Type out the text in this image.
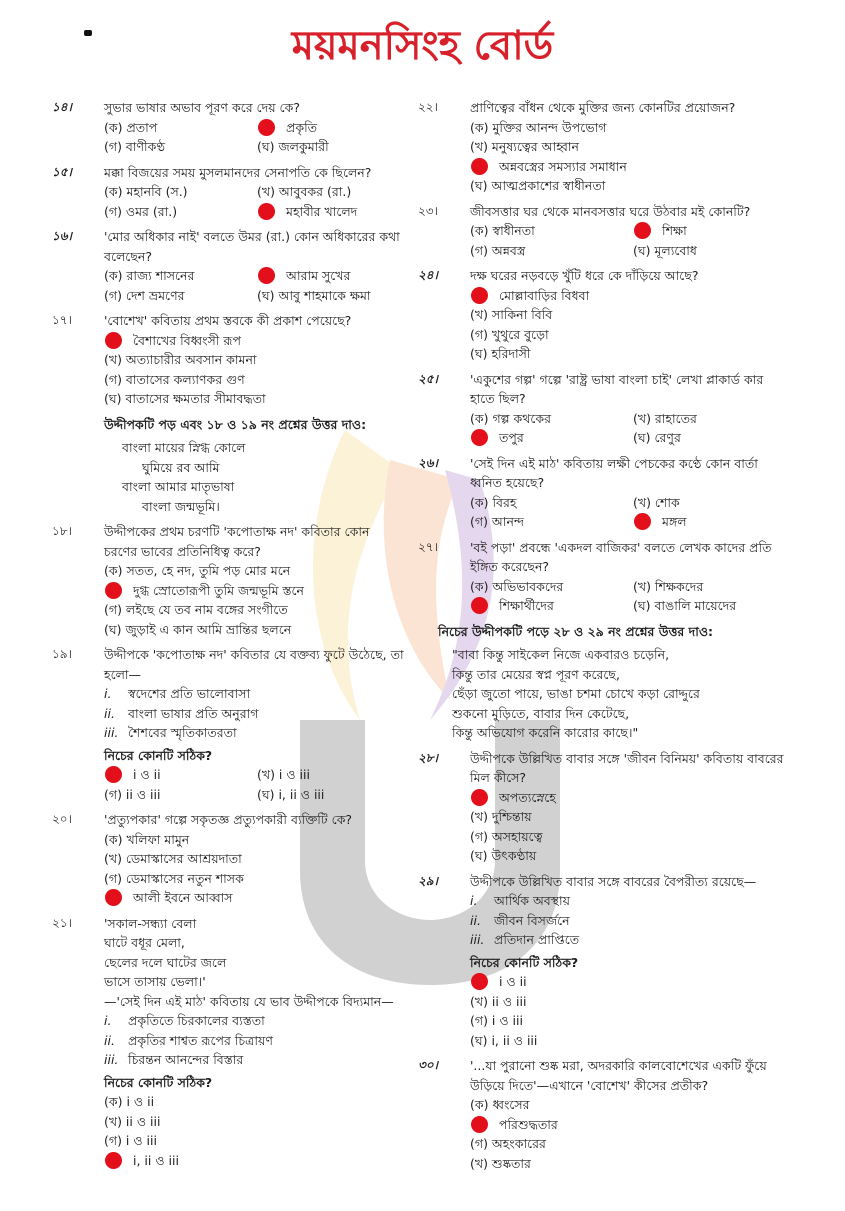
ময়মনসিংহ বোর্ড
১৪।	সুভার ভাষার অভাব পূরণ করে দেয় কে?
(ক) প্রতাপ	প্রকৃতি
(গ) বাণীকণ্ঠ	(ঘ) জলকুমারী
১৫।	মক্কা বিজয়ের সময় মুসলমানদের সেনাপতি কে ছিলেন?
(ক) মহানবি (স.)	(খ) আবুবকর (রা.)
(গ) ওমর (রা.)	মহাবীর খালেদ
১৬।	'মোর অধিকার নাই' বলতে উমর (রা.) কোন অধিকারের কথা বলেছেন?
(ক) রাজ্য শাসনের	আরাম সুখের
(গ) দেশ ভ্রমণের	(ঘ) আবু শাহমাকে ক্ষমা
১৭।	'বোশেখ' কবিতায় প্রথম স্তবকে কী প্রকাশ পেয়েছে?
বৈশাখের বিধ্বংসী রূপ
(খ) অত্যাচারীর অবসান কামনা
(গ) বাতাসের কল্যাণকর গুণ
(ঘ) বাতাসের ক্ষমতার সীমাবদ্ধতা
উদ্দীপকটি পড় এবং ১৮ ও ১৯ নং প্রশ্নের উত্তর দাও:
বাংলা মায়ের স্নিগ্ধ কোলে
ঘুমিয়ে রব আমি
বাংলা আমার মাতৃভাষা
বাংলা জন্মভূমি।
১৮।	উদ্দীপকের প্রথম চরণটি 'কপোতাক্ষ নদ' কবিতার কোন চরণের ভাবের প্রতিনিধিত্ব করে?
(ক) সতত, হে নদ, তুমি পড় মোর মনে
দুগ্ধ স্রোতোরূপী তুমি জন্মভূমি স্তনে
(গ) লইছে যে তব নাম বঙ্গের সংগীতে
(ঘ) জুড়াই এ কান আমি ভ্রান্তির ছলনে
১৯।	উদ্দীপকে 'কপোতাক্ষ নদ' কবিতার যে বক্তব্য ফুটে উঠেছে, তা হলো—
i.	স্বদেশের প্রতি ভালোবাসা
ii.	বাংলা ভাষার প্রতি অনুরাগ
iii. শৈশবের স্মৃতিকাতরতা
নিচের কোনটি সঠিক?
i ও ii	(খ) i ও iii
(গ) ii ও iii	(ঘ) i, ii ও iii
২০।	'প্রত্যুপকার' গল্পে সকৃতজ্ঞ প্রত্যুপকারী ব্যক্তিটি কে?
(ক) খলিফা মামুন
(খ) ডেমাস্কাসের আশ্রয়দাতা
(গ) ডেমাস্কাসের নতুন শাসক
আলী ইবনে আব্বাস
২১।	'সকাল-সন্ধ্যা বেলা
ঘাটে বধূর মেলা,
ছেলের দলে ঘাটের জলে
ভাসে তাসায় ভেলা।'
—'সেই দিন এই মাঠ' কবিতায় যে ভাব উদ্দীপকে বিদ্যমান—
i.	প্রকৃতিতে চিরকালের ব্যস্ততা
ii.	প্রকৃতির শাশ্বত রূপের চিত্রায়ণ
iii. চিরন্তন আনন্দের বিস্তার
নিচের কোনটি সঠিক?
(ক) i ও ii
(খ) ii ও iii
(গ) i ও iii
i, ii ও iii
২২।	প্রাণিত্বের বাঁধন থেকে মুক্তির জন্য কোনটির প্রয়োজন?
(ক) মুক্তির আনন্দ উপভোগ
(খ) মনুষ্যত্বের আহ্বান
অন্নবস্ত্রের সমস্যার সমাধান
(ঘ) আত্মপ্রকাশের স্বাধীনতা
২৩।	জীবসত্তার ঘর থেকে মানবসত্তার ঘরে উঠবার মই কোনটি?
(ক) স্বাধীনতা	শিক্ষা
(গ) অন্নবস্ত্র	(ঘ) মূল্যবোধ
২৪।	দক্ষ ঘরের নড়বড়ে খুঁটি ধরে কে দাঁড়িয়ে আছে?
মোল্লাবাড়ির বিধবা
(খ) সাকিনা বিবি
(গ) খুথুরে বুড়ো
(ঘ) হরিদাসী
২৫।	'একুশের গল্প' গল্পে 'রাষ্ট্র ভাষা বাংলা চাই' লেখা প্লাকার্ড কার হাতে ছিল?
(ক) গল্প কথকের	(খ) রাহাতের
তপুর	(ঘ) রেণুর
২৬।	'সেই দিন এই মাঠ' কবিতায় লক্ষী পেচকের কণ্ঠে কোন বার্তা ধ্বনিত হয়েছে?
(ক) বিরহ	(খ) শোক
(গ) আনন্দ	মঙ্গল
২৭।	'বই পড়া' প্রবন্ধে 'একদল বাজিকর' বলতে লেখক কাদের প্রতি ইঙ্গিত করেছেন?
(ক) অভিভাবকদের	(খ) শিক্ষকদের
শিক্ষার্থীদের	(ঘ) বাঙালি মায়েদের
নিচের উদ্দীপকটি পড়ে ২৮ ও ২৯ নং প্রশ্নের উত্তর দাও:
"বাবা কিন্তু সাইকেল নিজে একবারও চড়েনি,
কিন্তু তার মেয়ের স্বপ্ন পূরণ করেছে,
ছেঁড়া জুতো পায়ে, ভাঙা চশমা চোখে কড়া রোদ্দুরে
শুকনো মুড়িতে, বাবার দিন কেটেছে,
কিন্তু অভিযোগ করেনি কারোর কাছে।"
২৮।	উদ্দীপকে উল্লিখিত বাবার সঙ্গে 'জীবন বিনিময়' কবিতায় বাবরের মিল কীসে?
অপত্যস্নেহে
(খ) দুশ্চিন্তায়
(গ) অসহায়ত্বে
(ঘ) উৎকণ্ঠায়
২৯।	উদ্দীপকে উল্লিখিত বাবার সঙ্গে বাবরের বৈপরীত্য রয়েছে—
i.	আর্থিক অবস্থায়
ii.	জীবন বিসর্জনে
iii. প্রতিদান প্রাপ্তিতে
নিচের কোনটি সঠিক?
i ও ii
(খ) ii ও iii
(গ) i ও iii
(ঘ) i, ii ও iii
৩০।	'...যা পুরানো শুষ্ক মরা, অদরকারি কালবোশেখের একটি ফুঁয়ে উড়িয়ে দিতে'—এখানে 'বোশেখ' কীসের প্রতীক?
(ক) ধ্বংসের
পরিশুদ্ধতার
(গ) অহংকারের
(খ) শুষ্কতার
